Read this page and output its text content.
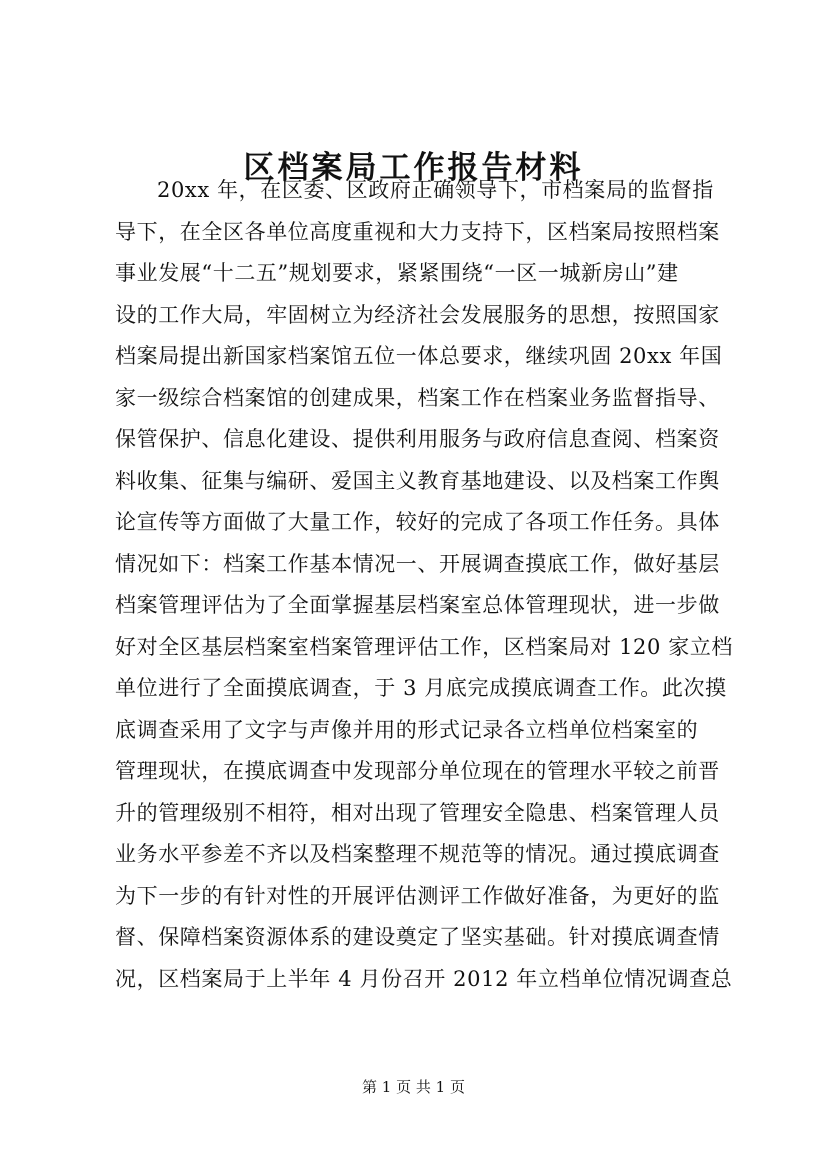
区档案局工作报告材料
20xx 年，在区委、区政府正确领导下，市档案局的监督指
导下，在全区各单位高度重视和大力支持下，区档案局按照档案
事业发展“十二五”规划要求，紧紧围绕“一区一城新房山”建
设的工作大局，牢固树立为经济社会发展服务的思想，按照国家
档案局提出新国家档案馆五位一体总要求，继续巩固 20xx 年国
家一级综合档案馆的创建成果，档案工作在档案业务监督指导、
保管保护、信息化建设、提供利用服务与政府信息查阅、档案资
料收集、征集与编研、爱国主义教育基地建设、以及档案工作舆
论宣传等方面做了大量工作，较好的完成了各项工作任务。具体
情况如下：档案工作基本情况一、开展调查摸底工作，做好基层
档案管理评估为了全面掌握基层档案室总体管理现状，进一步做
好对全区基层档案室档案管理评估工作，区档案局对 120 家立档
单位进行了全面摸底调查，于 3 月底完成摸底调查工作。此次摸
底调查采用了文字与声像并用的形式记录各立档单位档案室的
管理现状，在摸底调查中发现部分单位现在的管理水平较之前晋
升的管理级别不相符，相对出现了管理安全隐患、档案管理人员
业务水平参差不齐以及档案整理不规范等的情况。通过摸底调查
为下一步的有针对性的开展评估测评工作做好准备，为更好的监
督、保障档案资源体系的建设奠定了坚实基础。针对摸底调查情
况，区档案局于上半年 4 月份召开 2012 年立档单位情况调查总
第 1 页 共 1 页
